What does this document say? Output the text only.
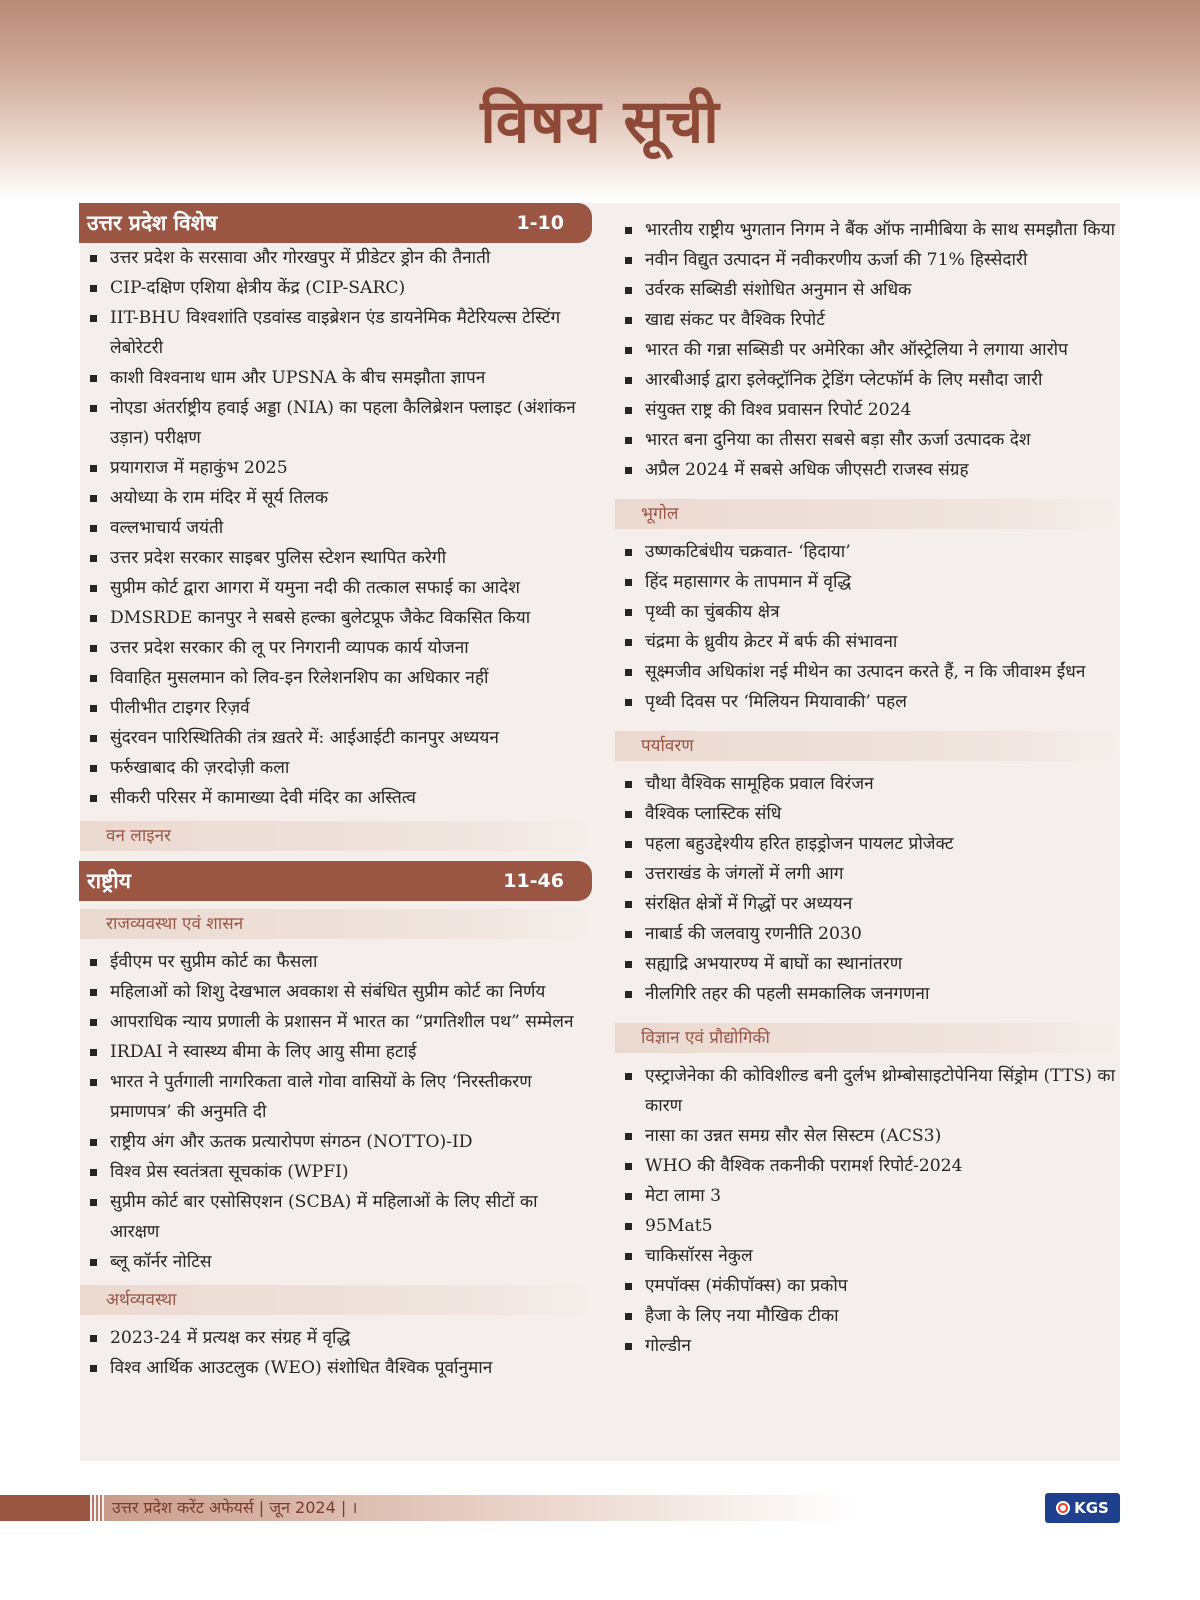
विषय सूची
उत्तर प्रदेश विशेष	1-10
उत्तर प्रदेश के सरसावा और गोरखपुर में प्रीडेटर ड्रोन की तैनाती
CIP-दक्षिण एशिया क्षेत्रीय केंद्र (CIP-SARC)
IIT-BHU विश्वशांति एडवांस्ड वाइब्रेशन एंड डायनेमिक मैटेरियल्स टेस्टिंग लेबोरेटरी
काशी विश्वनाथ धाम और UPSNA के बीच समझौता ज्ञापन
नोएडा अंतर्राष्ट्रीय हवाई अड्डा (NIA) का पहला कैलिब्रेशन फ्लाइट (अंशांकन उड़ान) परीक्षण
प्रयागराज में महाकुंभ 2025
अयोध्या के राम मंदिर में सूर्य तिलक
वल्लभाचार्य जयंती
उत्तर प्रदेश सरकार साइबर पुलिस स्टेशन स्थापित करेगी
सुप्रीम कोर्ट द्वारा आगरा में यमुना नदी की तत्काल सफाई का आदेश
DMSRDE कानपुर ने सबसे हल्का बुलेटप्रूफ जैकेट विकसित किया
उत्तर प्रदेश सरकार की लू पर निगरानी व्यापक कार्य योजना
विवाहित मुसलमान को लिव-इन रिलेशनशिप का अधिकार नहीं
पीलीभीत टाइगर रिज़र्व
सुंदरवन पारिस्थितिकी तंत्र ख़तरे में: आईआईटी कानपुर अध्ययन
फर्रुखाबाद की ज़रदोज़ी कला
सीकरी परिसर में कामाख्या देवी मंदिर का अस्तित्व
वन लाइनर
राष्ट्रीय	11-46
राजव्यवस्था एवं शासन
ईवीएम पर सुप्रीम कोर्ट का फैसला
महिलाओं को शिशु देखभाल अवकाश से संबंधित सुप्रीम कोर्ट का निर्णय
आपराधिक न्याय प्रणाली के प्रशासन में भारत का “प्रगतिशील पथ” सम्मेलन
IRDAI ने स्वास्थ्य बीमा के लिए आयु सीमा हटाई
भारत ने पुर्तगाली नागरिकता वाले गोवा वासियों के लिए ‘निरस्तीकरण प्रमाणपत्र’ की अनुमति दी
राष्ट्रीय अंग और ऊतक प्रत्यारोपण संगठन (NOTTO)-ID
विश्व प्रेस स्वतंत्रता सूचकांक (WPFI)
सुप्रीम कोर्ट बार एसोसिएशन (SCBA) में महिलाओं के लिए सीटों का आरक्षण
ब्लू कॉर्नर नोटिस
अर्थव्यवस्था
2023-24 में प्रत्यक्ष कर संग्रह में वृद्धि
विश्व आर्थिक आउटलुक (WEO) संशोधित वैश्विक पूर्वानुमान
भारतीय राष्ट्रीय भुगतान निगम ने बैंक ऑफ नामीबिया के साथ समझौता किया
नवीन विद्युत उत्पादन में नवीकरणीय ऊर्जा की 71% हिस्सेदारी
उर्वरक सब्सिडी संशोधित अनुमान से अधिक
खाद्य संकट पर वैश्विक रिपोर्ट
भारत की गन्ना सब्सिडी पर अमेरिका और ऑस्ट्रेलिया ने लगाया आरोप
आरबीआई द्वारा इलेक्ट्रॉनिक ट्रेडिंग प्लेटफॉर्म के लिए मसौदा जारी
संयुक्त राष्ट्र की विश्व प्रवासन रिपोर्ट 2024
भारत बना दुनिया का तीसरा सबसे बड़ा सौर ऊर्जा उत्पादक देश
अप्रैल 2024 में सबसे अधिक जीएसटी राजस्व संग्रह
भूगोल
उष्णकटिबंधीय चक्रवात- ‘हिदाया’
हिंद महासागर के तापमान में वृद्धि
पृथ्वी का चुंबकीय क्षेत्र
चंद्रमा के ध्रुवीय क्रेटर में बर्फ की संभावना
सूक्ष्मजीव अधिकांश नई मीथेन का उत्पादन करते हैं, न कि जीवाश्म ईंधन
पृथ्वी दिवस पर ‘मिलियन मियावाकी’ पहल
पर्यावरण
चौथा वैश्विक सामूहिक प्रवाल विरंजन
वैश्विक प्लास्टिक संधि
पहला बहुउद्देश्यीय हरित हाइड्रोजन पायलट प्रोजेक्ट
उत्तराखंड के जंगलों में लगी आग
संरक्षित क्षेत्रों में गिद्धों पर अध्ययन
नाबार्ड की जलवायु रणनीति 2030
सह्याद्रि अभयारण्य में बाघों का स्थानांतरण
नीलगिरि तहर की पहली समकालिक जनगणना
विज्ञान एवं प्रौद्योगिकी
एस्ट्राजेनेका की कोविशील्ड बनी दुर्लभ थ्रोम्बोसाइटोपेनिया सिंड्रोम (TTS) का कारण
नासा का उन्नत समग्र सौर सेल सिस्टम (ACS3)
WHO की वैश्विक तकनीकी परामर्श रिपोर्ट-2024
मेटा लामा 3
95Mat5
चाकिसॉरस नेकुल
एमपॉक्स (मंकीपॉक्स) का प्रकोप
हैजा के लिए नया मौखिक टीका
गोल्डीन
उत्तर प्रदेश करेंट अफेयर्स | जून 2024 | ।	KGS
